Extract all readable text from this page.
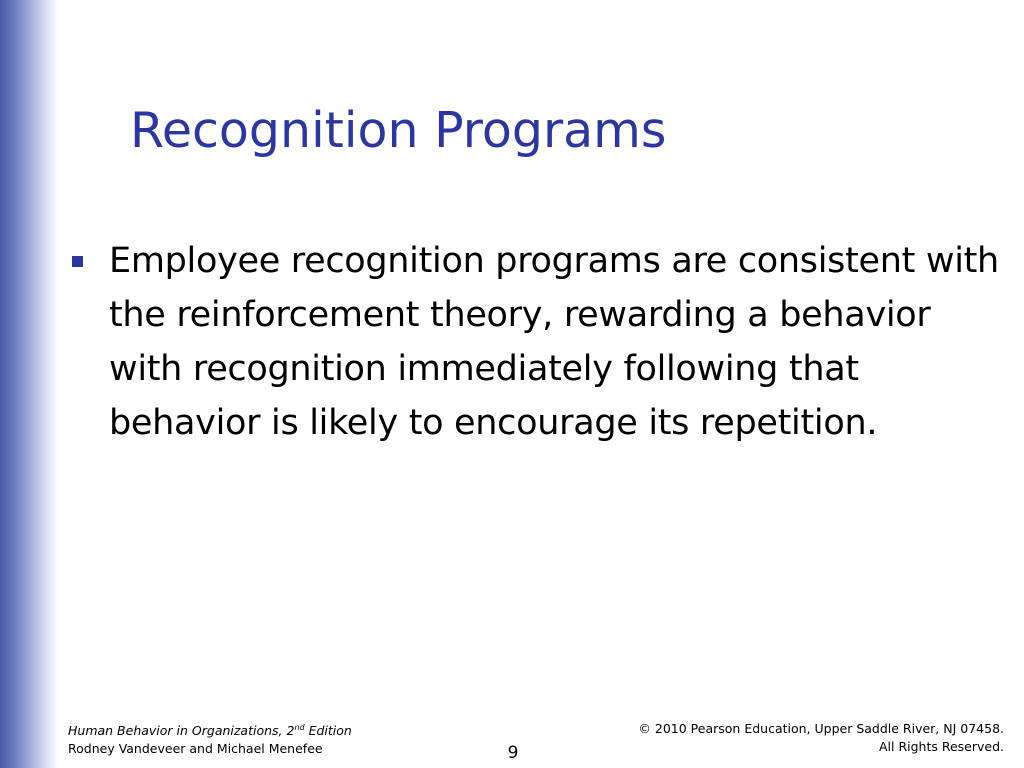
Recognition Programs
Employee recognition programs are consistent with the reinforcement theory, rewarding a behavior with recognition immediately following that behavior is likely to encourage its repetition.
Human Behavior in Organizations, 2nd Edition
Rodney Vandeveer and Michael Menefee	9
© 2010 Pearson Education, Upper Saddle River, NJ 07458.
All Rights Reserved.
